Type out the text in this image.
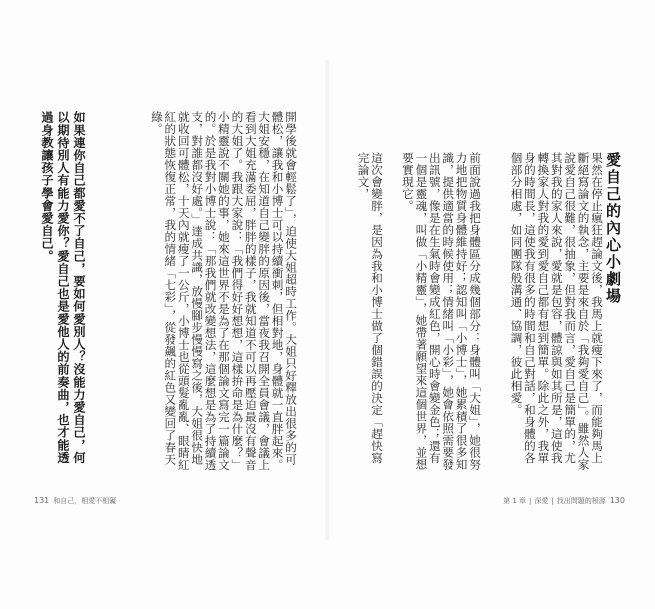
愛自己的內心小劇場
果然在停止瘋狂趕論文後，我馬上就瘦下來了，而能夠馬上斷絕寫論文的執念，主要是來自於「我夠愛自己」。雖然人家說愛自己很難，很抽象，但對我而言，愛自己是簡單的，尤其對我的家人來說，愛就是包容，體諒與如其所是，這使我轉換家人對我的愛到愛自己都有想到簡單。除此之外，我單身的時間長，這使我有很多的時間和自己對話，和身體的各個部分相處，如同團隊般溝通、協調，彼此相愛。
前面說過我把身體區分成幾個部分：身體叫「大姐」，她很努力地把物質身體維持好；認知叫「小博士」，她累積了很多知識，提供適當的時候使用；情緒叫「小彩」，她會依照需要發出訊號，像是在生氣時會變成紅色，開心時會變金色；還有一個是靈魂，叫做「小精靈」，她帶著願望來這個世界，並想要實現它。
這次會變胖，是因為我和小博士做了個錯誤的決定「趕快寫完論文，
第 1 章 | 深愛 | 找出問題的根源 130
開學後就會輕鬆了」，迫使大姐超時工作。大姐只好釋放出很多的可體松，讓我和小博士可以持續衝刺，但相對地，身體就一直胖起來。大姐安穩，在知道自己變胖的原因後，當夜我召開全員會議，會議上看到大姐充滿委屈，胖胖的樣子，我就知道不可以再壓迫最沒有聲音的大姐了。我跟大家說：「我們得好好想想，這樣拚命是為什麼？」小精靈說不關她的事，她來這世界不是為了在那個論文寫完一篇論文的。於是我對小博士說：「那我們就改變想法，這麼想是為了持續透支，對誰都沒好處。」達成共識，放慢腳步慢慢寫之後，大姐很快地就收回可體松，十天內就瘦了一公斤，小博士也從頭髮亂亂、眼睛紅紅的狀態恢復正常，我的情緒「七彩」，從發飆的紅色又變回了春天綠。
如果連你自己都愛不了自己，要如何愛別人？沒能力愛自己，何以期待別人有能力愛你？愛自己也是愛他人的前奏曲，也才能透過身教讓孩子學會愛自己。
131 和自己，相愛不相礙
